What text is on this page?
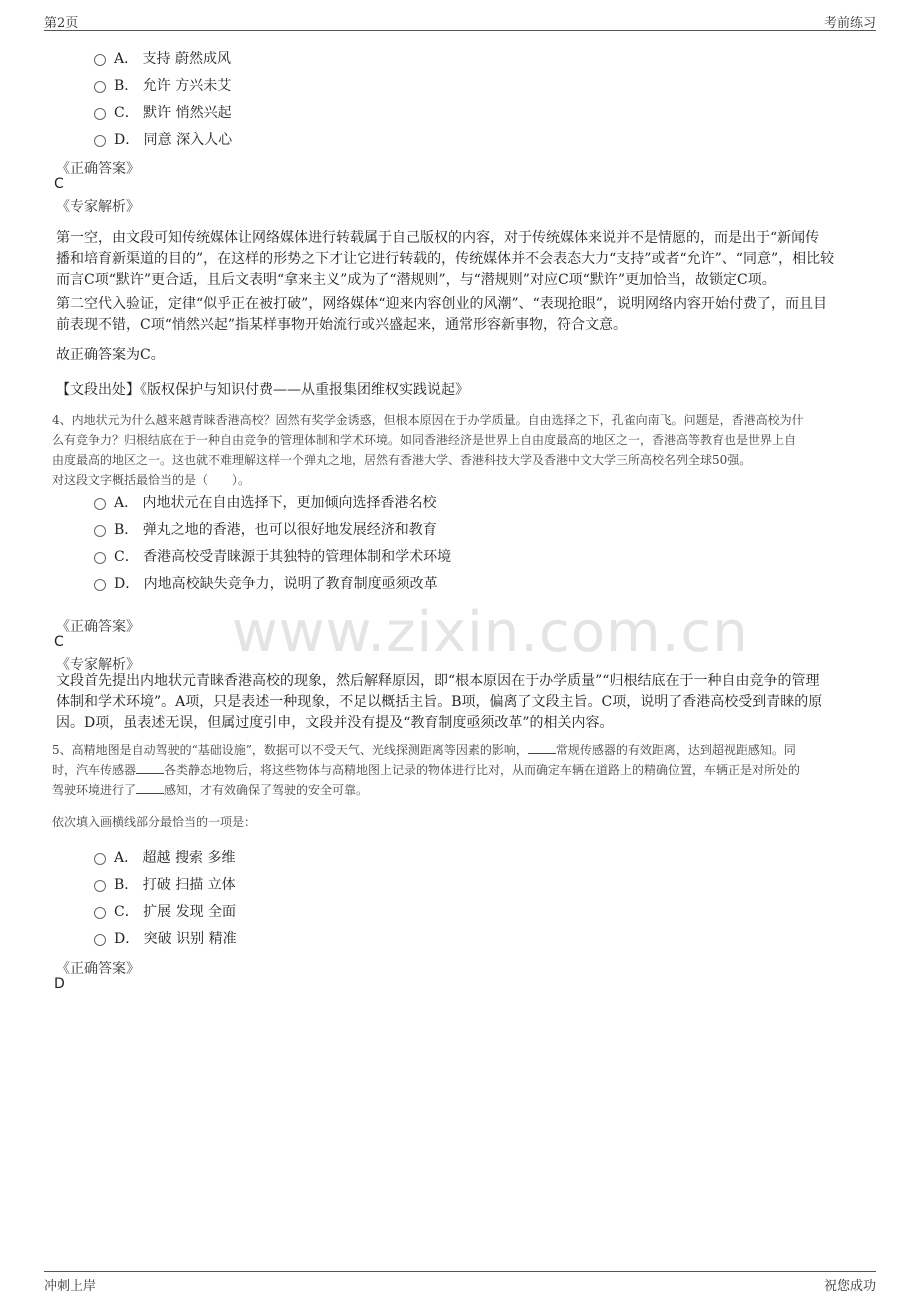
第2页	考前练习
www.zixin.com.cn
A． 支持 蔚然成风
B． 允许 方兴未艾
C． 默许 悄然兴起
D． 同意 深入人心
《正确答案》
C
《专家解析》
第一空，由文段可知传统媒体让网络媒体进行转载属于自己版权的内容，对于传统媒体来说并不是情愿的，而是出于“新闻传
播和培育新渠道的目的”，在这样的形势之下才让它进行转载的，传统媒体并不会表态大力“支持”或者“允许”、“同意”，相比较
而言C项“默许”更合适，且后文表明“拿来主义”成为了“潜规则”，与“潜规则”对应C项“默许”更加恰当，故锁定C项。
第二空代入验证，定律“似乎正在被打破”，网络媒体“迎来内容创业的风潮”、“表现抢眼”，说明网络内容开始付费了，而且目
前表现不错，C项“悄然兴起”指某样事物开始流行或兴盛起来，通常形容新事物，符合文意。
故正确答案为C。
【文段出处】《版权保护与知识付费——从重报集团维权实践说起》
4、内地状元为什么越来越青睐香港高校？固然有奖学金诱惑，但根本原因在于办学质量。自由选择之下，孔雀向南飞。问题是，香港高校为什
么有竞争力？归根结底在于一种自由竞争的管理体制和学术环境。如同香港经济是世界上自由度最高的地区之一，香港高等教育也是世界上自
由度最高的地区之一。这也就不难理解这样一个弹丸之地，居然有香港大学、香港科技大学及香港中文大学三所高校名列全球50强。
对这段文字概括最恰当的是（　　）。
A． 内地状元在自由选择下，更加倾向选择香港名校
B． 弹丸之地的香港，也可以很好地发展经济和教育
C． 香港高校受青睐源于其独特的管理体制和学术环境
D． 内地高校缺失竞争力，说明了教育制度亟须改革
《正确答案》
C
《专家解析》
文段首先提出内地状元青睐香港高校的现象，然后解释原因，即“根本原因在于办学质量”“归根结底在于一种自由竞争的管理
体制和学术环境”。A项，只是表述一种现象，不足以概括主旨。B项，偏离了文段主旨。C项，说明了香港高校受到青睐的原
因。D项，虽表述无误，但属过度引申，文段并没有提及“教育制度亟须改革”的相关内容。
5、高精地图是自动驾驶的“基础设施”，数据可以不受天气、光线探测距离等因素的影响， 常规传感器的有效距离，达到超视距感知。同
时，汽车传感器 各类静态地物后，将这些物体与高精地图上记录的物体进行比对，从而确定车辆在道路上的精确位置，车辆正是对所处的
驾驶环境进行了 感知，才有效确保了驾驶的安全可靠。
依次填入画横线部分最恰当的一项是：
A． 超越 搜索 多维
B． 打破 扫描 立体
C． 扩展 发现 全面
D． 突破 识别 精准
《正确答案》
D
冲刺上岸	祝您成功
